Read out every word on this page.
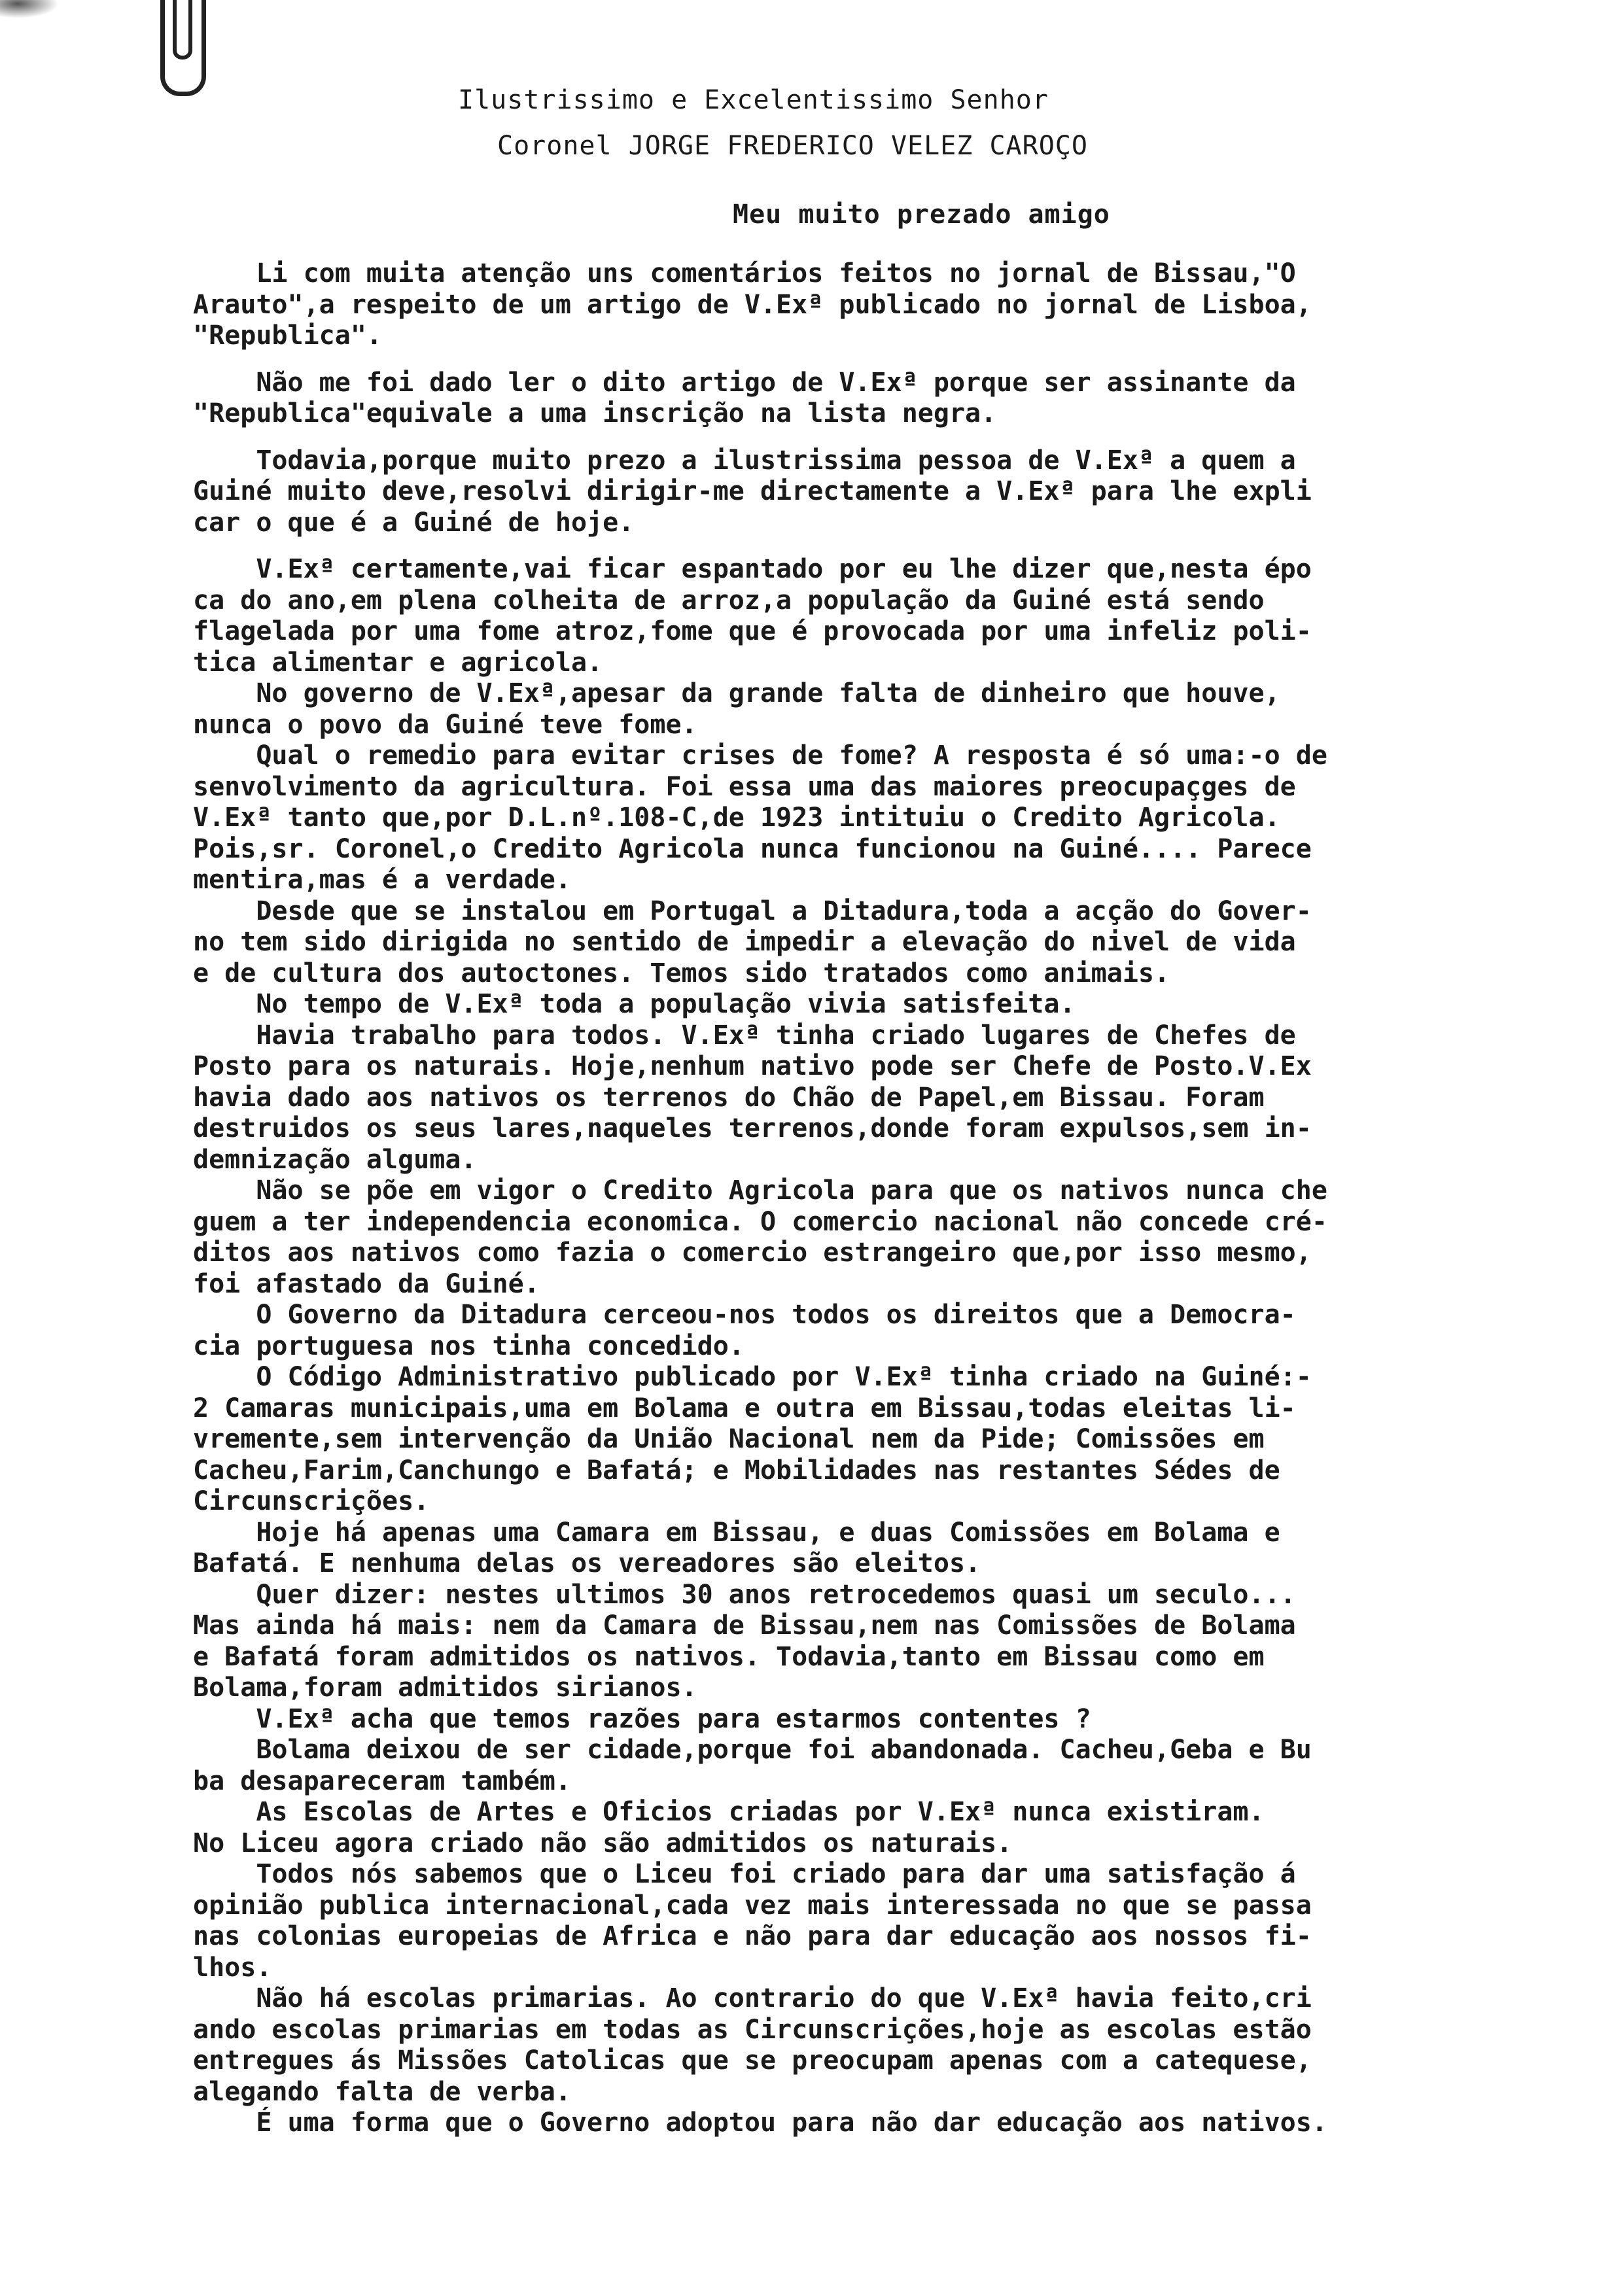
Ilustrissimo e Excelentissimo Senhor
Coronel JORGE FREDERICO VELEZ CAROÇO
Meu muito prezado amigo
Li com muita atenção uns comentários feitos no jornal de Bissau,"O
Arauto",a respeito de um artigo de V.Exª publicado no jornal de Lisboa,
"Republica".
Não me foi dado ler o dito artigo de V.Exª porque ser assinante da
"Republica"equivale a uma inscrição na lista negra.
Todavia,porque muito prezo a ilustrissima pessoa de V.Exª a quem a
Guiné muito deve,resolvi dirigir-me directamente a V.Exª para lhe expli
car o que é a Guiné de hoje.
V.Exª certamente,vai ficar espantado por eu lhe dizer que,nesta épo
ca do ano,em plena colheita de arroz,a população da Guiné está sendo
flagelada por uma fome atroz,fome que é provocada por uma infeliz poli-
tica alimentar e agricola.
No governo de V.Exª,apesar da grande falta de dinheiro que houve,
nunca o povo da Guiné teve fome.
Qual o remedio para evitar crises de fome? A resposta é só uma:-o de
senvolvimento da agricultura. Foi essa uma das maiores preocupaçges de
V.Exª tanto que,por D.L.nº.108-C,de 1923 intituiu o Credito Agricola.
Pois,sr. Coronel,o Credito Agricola nunca funcionou na Guiné.... Parece
mentira,mas é a verdade.
Desde que se instalou em Portugal a Ditadura,toda a acção do Gover-
no tem sido dirigida no sentido de impedir a elevação do nivel de vida
e de cultura dos autoctones. Temos sido tratados como animais.
No tempo de V.Exª toda a população vivia satisfeita.
Havia trabalho para todos. V.Exª tinha criado lugares de Chefes de
Posto para os naturais. Hoje,nenhum nativo pode ser Chefe de Posto.V.Ex
havia dado aos nativos os terrenos do Chão de Papel,em Bissau. Foram
destruidos os seus lares,naqueles terrenos,donde foram expulsos,sem in-
demnização alguma.
Não se põe em vigor o Credito Agricola para que os nativos nunca che
guem a ter independencia economica. O comercio nacional não concede cré-
ditos aos nativos como fazia o comercio estrangeiro que,por isso mesmo,
foi afastado da Guiné.
O Governo da Ditadura cerceou-nos todos os direitos que a Democra-
cia portuguesa nos tinha concedido.
O Código Administrativo publicado por V.Exª tinha criado na Guiné:-
2 Camaras municipais,uma em Bolama e outra em Bissau,todas eleitas li-
vremente,sem intervenção da União Nacional nem da Pide; Comissões em
Cacheu,Farim,Canchungo e Bafatá; e Mobilidades nas restantes Sédes de
Circunscrições.
Hoje há apenas uma Camara em Bissau, e duas Comissões em Bolama e
Bafatá. E nenhuma delas os vereadores são eleitos.
Quer dizer: nestes ultimos 30 anos retrocedemos quasi um seculo...
Mas ainda há mais: nem da Camara de Bissau,nem nas Comissões de Bolama
e Bafatá foram admitidos os nativos. Todavia,tanto em Bissau como em
Bolama,foram admitidos sirianos.
V.Exª acha que temos razões para estarmos contentes ?
Bolama deixou de ser cidade,porque foi abandonada. Cacheu,Geba e Bu
ba desapareceram também.
As Escolas de Artes e Oficios criadas por V.Exª nunca existiram.
No Liceu agora criado não são admitidos os naturais.
Todos nós sabemos que o Liceu foi criado para dar uma satisfação á
opinião publica internacional,cada vez mais interessada no que se passa
nas colonias europeias de Africa e não para dar educação aos nossos fi-
lhos.
Não há escolas primarias. Ao contrario do que V.Exª havia feito,cri
ando escolas primarias em todas as Circunscrições,hoje as escolas estão
entregues ás Missões Catolicas que se preocupam apenas com a catequese,
alegando falta de verba.
É uma forma que o Governo adoptou para não dar educação aos nativos.
